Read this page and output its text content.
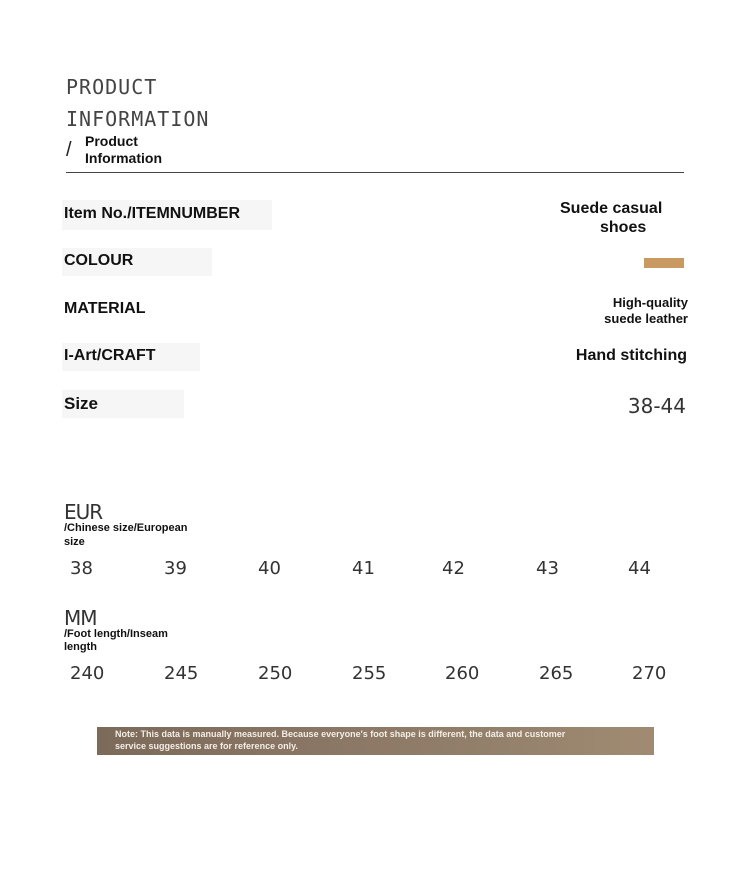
PRODUCT
INFORMATION
/ Product
Information
Item No./ITEMNUMBER	Suede casual
shoes
COLOUR
MATERIAL	High-quality
suede leather
I-Art/CRAFT	Hand stitching
Size	38-44
EUR
/Chinese size/European
size
38	39	40	41	42	43	44
MM
/Foot length/Inseam
length
240	245	250	255	260	265	270
Note: This data is manually measured. Because everyone's foot shape is different, the data and customer
service suggestions are for reference only.
